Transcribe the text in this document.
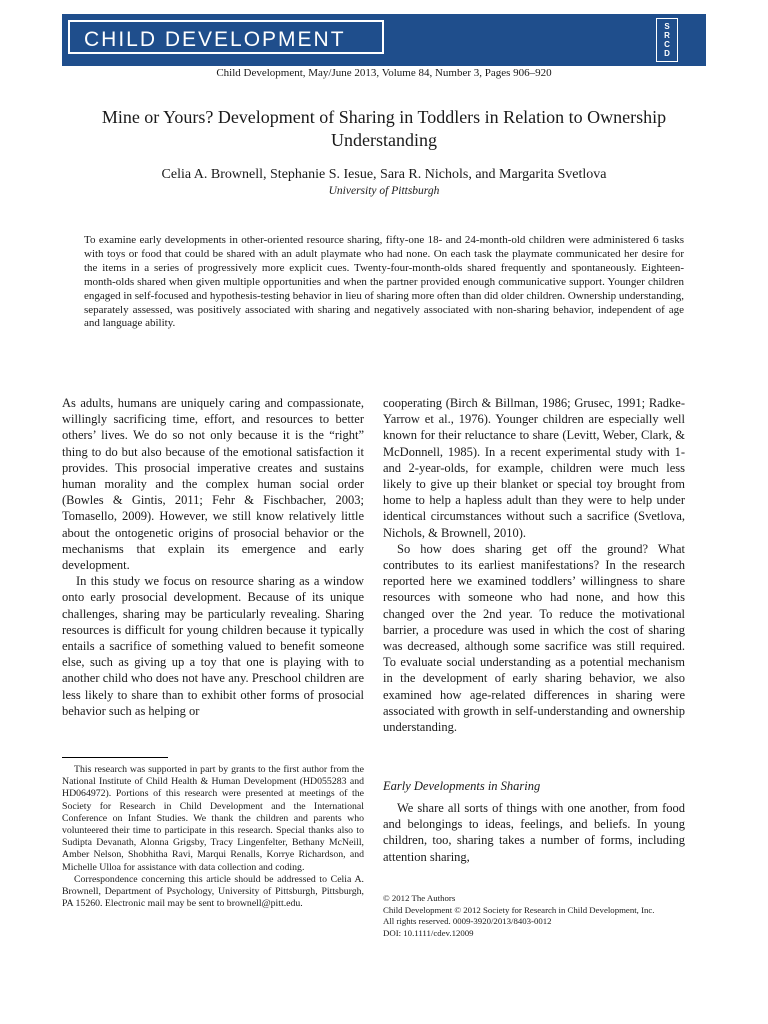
CHILD DEVELOPMENT
S
R
C
D
Child Development, May/June 2013, Volume 84, Number 3, Pages 906–920
Mine or Yours? Development of Sharing in Toddlers in Relation to Ownership Understanding
Celia A. Brownell, Stephanie S. Iesue, Sara R. Nichols, and Margarita Svetlova
University of Pittsburgh

To examine early developments in other-oriented resource sharing, fifty-one 18- and 24-month-old children were administered 6 tasks with toys or food that could be shared with an adult playmate who had none. On each task the playmate communicated her desire for the items in a series of progressively more explicit cues. Twenty-four-month-olds shared frequently and spontaneously. Eighteen-month-olds shared when given multiple opportunities and when the partner provided enough communicative support. Younger children engaged in self-focused and hypothesis-testing behavior in lieu of sharing more often than did older children. Ownership understanding, separately assessed, was positively associated with sharing and negatively associated with non-sharing behavior, independent of age and language ability.

As adults, humans are uniquely caring and compassionate, willingly sacrificing time, effort, and resources to better others’ lives. We do so not only because it is the “right” thing to do but also because of the emotional satisfaction it provides. This prosocial imperative creates and sustains human morality and the complex human social order (Bowles & Gintis, 2011; Fehr & Fischbacher, 2003; Tomasello, 2009). However, we still know relatively little about the ontogenetic origins of prosocial behavior or the mechanisms that explain its emergence and early development.

In this study we focus on resource sharing as a window onto early prosocial development. Because of its unique challenges, sharing may be particularly revealing. Sharing resources is difficult for young children because it typically entails a sacrifice of something valued to benefit someone else, such as giving up a toy that one is playing with to another child who does not have any. Preschool children are less likely to share than to exhibit other forms of prosocial behavior such as helping or

cooperating (Birch & Billman, 1986; Grusec, 1991; Radke-Yarrow et al., 1976). Younger children are especially well known for their reluctance to share (Levitt, Weber, Clark, & McDonnell, 1985). In a recent experimental study with 1- and 2-year-olds, for example, children were much less likely to give up their blanket or special toy brought from home to help a hapless adult than they were to help under identical circumstances without such a sacrifice (Svetlova, Nichols, & Brownell, 2010).

So how does sharing get off the ground? What contributes to its earliest manifestations? In the research reported here we examined toddlers’ willingness to share resources with someone who had none, and how this changed over the 2nd year. To reduce the motivational barrier, a procedure was used in which the cost of sharing was decreased, although some sacrifice was still required. To evaluate social understanding as a potential mechanism in the development of early sharing behavior, we also examined how age-related differences in sharing were associated with growth in self-understanding and ownership understanding.

Early Developments in Sharing

We share all sorts of things with one another, from food and belongings to ideas, feelings, and beliefs. In young children, too, sharing takes a number of forms, including attention sharing,

This research was supported in part by grants to the first author from the National Institute of Child Health & Human Development (HD055283 and HD064972). Portions of this research were presented at meetings of the Society for Research in Child Development and the International Conference on Infant Studies. We thank the children and parents who volunteered their time to participate in this research. Special thanks also to Sudipta Devanath, Alonna Grigsby, Tracy Lingenfelter, Bethany McNeill, Amber Nelson, Shobhitha Ravi, Marqui Renalls, Korrye Richardson, and Michelle Ulloa for assistance with data collection and coding.

Correspondence concerning this article should be addressed to Celia A. Brownell, Department of Psychology, University of Pittsburgh, Pittsburgh, PA 15260. Electronic mail may be sent to brownell@pitt.edu.

© 2012 The Authors
Child Development © 2012 Society for Research in Child Development, Inc.
All rights reserved. 0009-3920/2013/8403-0012
DOI: 10.1111/cdev.12009
